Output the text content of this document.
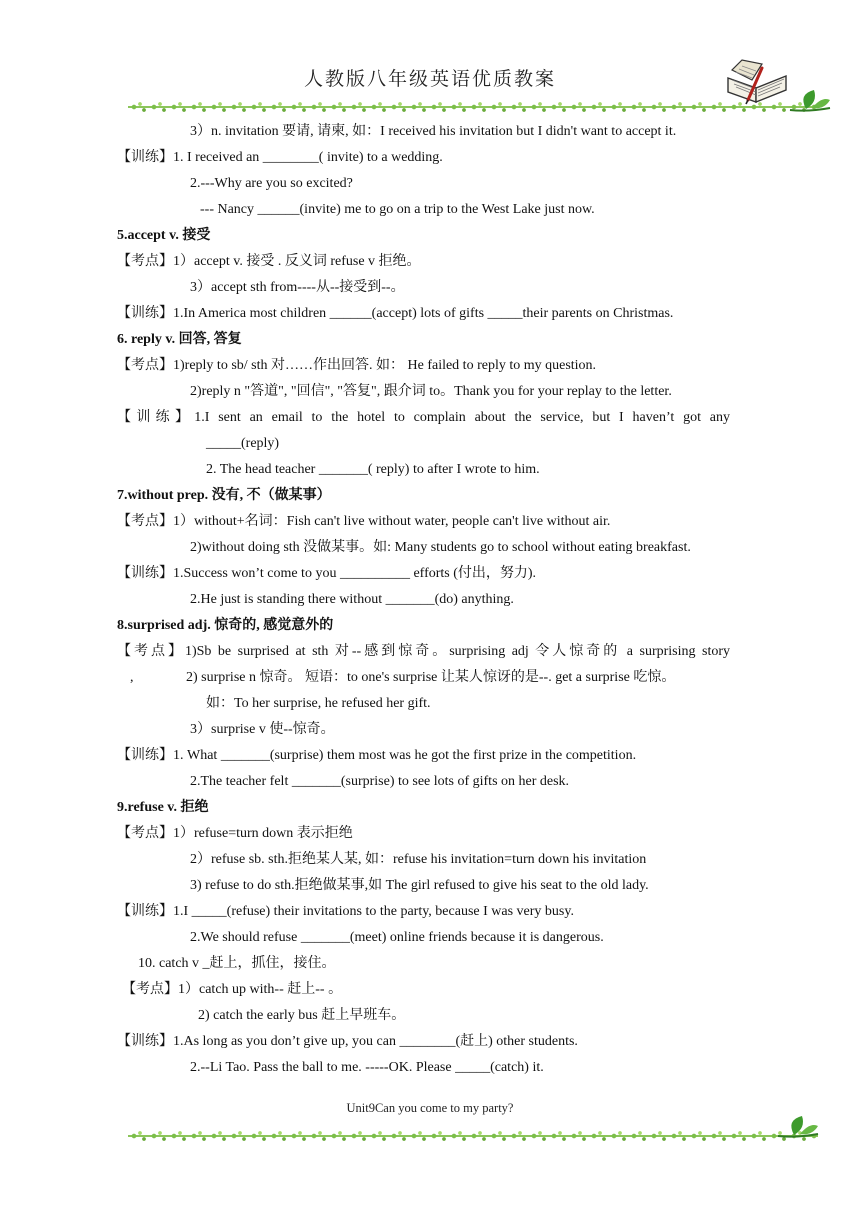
人教版八年级英语优质教案
3）n. invitation 要请, 请柬, 如：I received his invitation but I didn't want to accept it.
【训练】1. I received an ________( invite) to a wedding.
2.---Why are you so excited?
--- Nancy ______(invite) me to go on a trip to the West Lake just now.
5.accept v. 接受
【考点】1）accept v. 接受 . 反义词 refuse v 拒绝。
3）accept sth from----从--接受到--。
【训练】1.In America most children ______(accept) lots of gifts _____their parents on Christmas.
6. reply v. 回答, 答复
【考点】1)reply to sb/ sth 对……作出回答. 如： He failed to reply to my question.
2)reply n "答道", "回信", "答复", 跟介词 to。Thank you for your replay to the letter.
【训练】1.I sent an email to the hotel to complain about the service, but I haven’t got any
_____(reply)
2. The head teacher _______( reply) to after I wrote to him.
7.without prep. 没有, 不（做某事）
【考点】1）without+名词：Fish can't live without water, people can't live without air.
2)without doing sth 没做某事。如: Many students go to school without eating breakfast.
【训练】1.Success won’t come to you __________ efforts (付出，努力).
2.He just is standing there without _______(do) anything.
8.surprised adj. 惊奇的, 感觉意外的
【考点】1)Sb be surprised at sth 对--感到惊奇。surprising adj 令人惊奇的 a surprising story
,	2) surprise n 惊奇。 短语：to one's surprise 让某人惊讶的是--. get a surprise 吃惊。
如：To her surprise, he refused her gift.
3）surprise v 使--惊奇。
【训练】1. What _______(surprise) them most was he got the first prize in the competition.
2.The teacher felt _______(surprise) to see lots of gifts on her desk.
9.refuse v. 拒绝
【考点】1）refuse=turn down 表示拒绝
2）refuse sb. sth.拒绝某人某, 如：refuse his invitation=turn down his invitation
3) refuse to do sth.拒绝做某事,如 The girl refused to give his seat to the old lady.
【训练】1.I _____(refuse) their invitations to the party, because I was very busy.
2.We should refuse _______(meet) online friends because it is dangerous.
10. catch v _赶上，抓住，接住。
【考点】1）catch up with-- 赶上-- 。
2) catch the early bus 赶上早班车。
【训练】1.As long as you don’t give up, you can ________(赶上) other students.
2.--Li Tao. Pass the ball to me. -----OK. Please _____(catch) it.
Unit9Can you come to my party?
